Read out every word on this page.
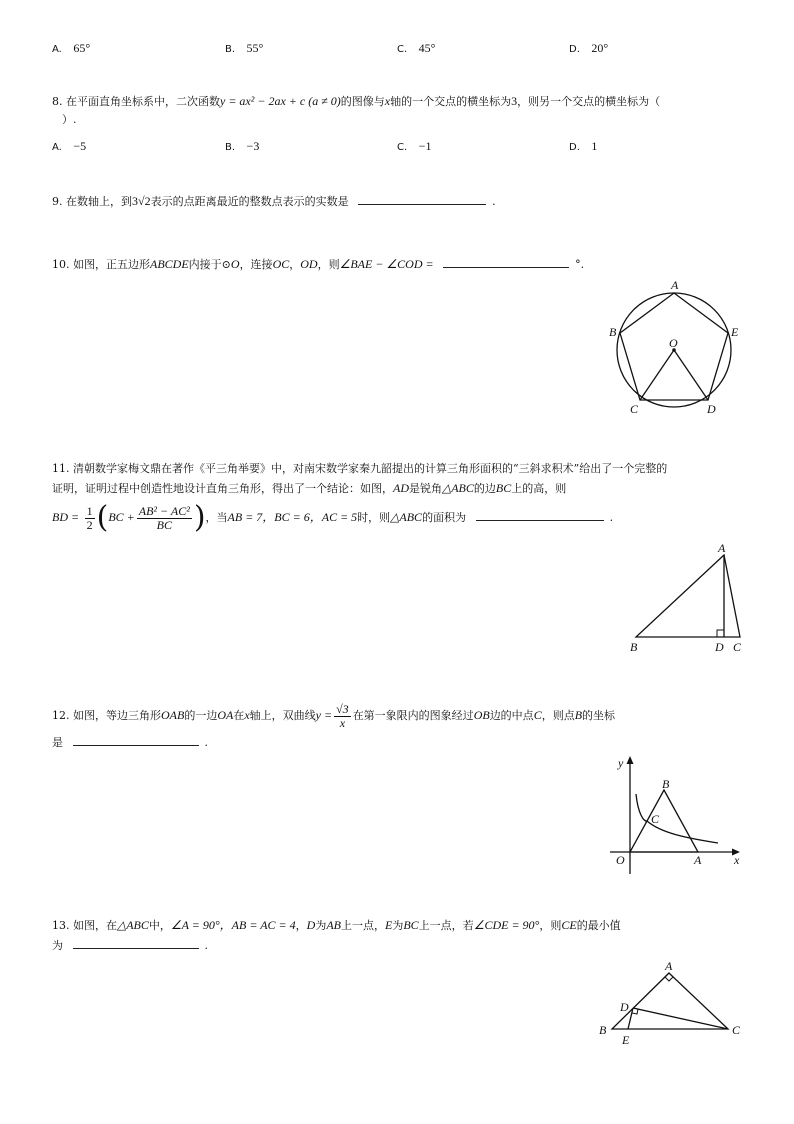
A. 65°	B. 55°	C. 45°	D. 20°
8. 在平面直角坐标系中，二次函数y = ax² − 2ax + c (a ≠ 0)的图像与x轴的一个交点的横坐标为3，则另一个交点的横坐标为（
）.
A. −5	B. −3	C. −1	D. 1
9. 在数轴上，到3√2表示的点距离最近的整数点表示的实数是	.
10. 如图，正五边形ABCDE内接于⊙O，连接OC，OD，则∠BAE − ∠COD =	°.
A
B	E
O
C	D
11. 清朝数学家梅文鼎在著作《平三角举要》中，对南宋数学家秦九韶提出的计算三角形面积的“三斜求积术”给出了一个完整的
证明，证明过程中创造性地设计直角三角形，得出了一个结论：如图，AD是锐角△ABC的边BC上的高，则
BD = $\frac{1}{2} (BC + \frac{\text{AB² − AC²}}{BC}$ )，当AB = 7，BC = 6，AC = 5时，则△ABC的面积为	.
A
B	D C
12. 如图，等边三角形OAB的一边OA在x轴上，双曲线$y = \frac{√3}{x}$ 在第一象限内的图象经过OB边的中点C，则点B的坐标
是	.
y
x
O	A
B
C
13. 如图，在△ABC中，∠A = 90°，AB = AC = 4，D为AB上一点，E为BC上一点，若∠CDE = 90°，则CE的最小值
为	.
A
D
B
E
C
